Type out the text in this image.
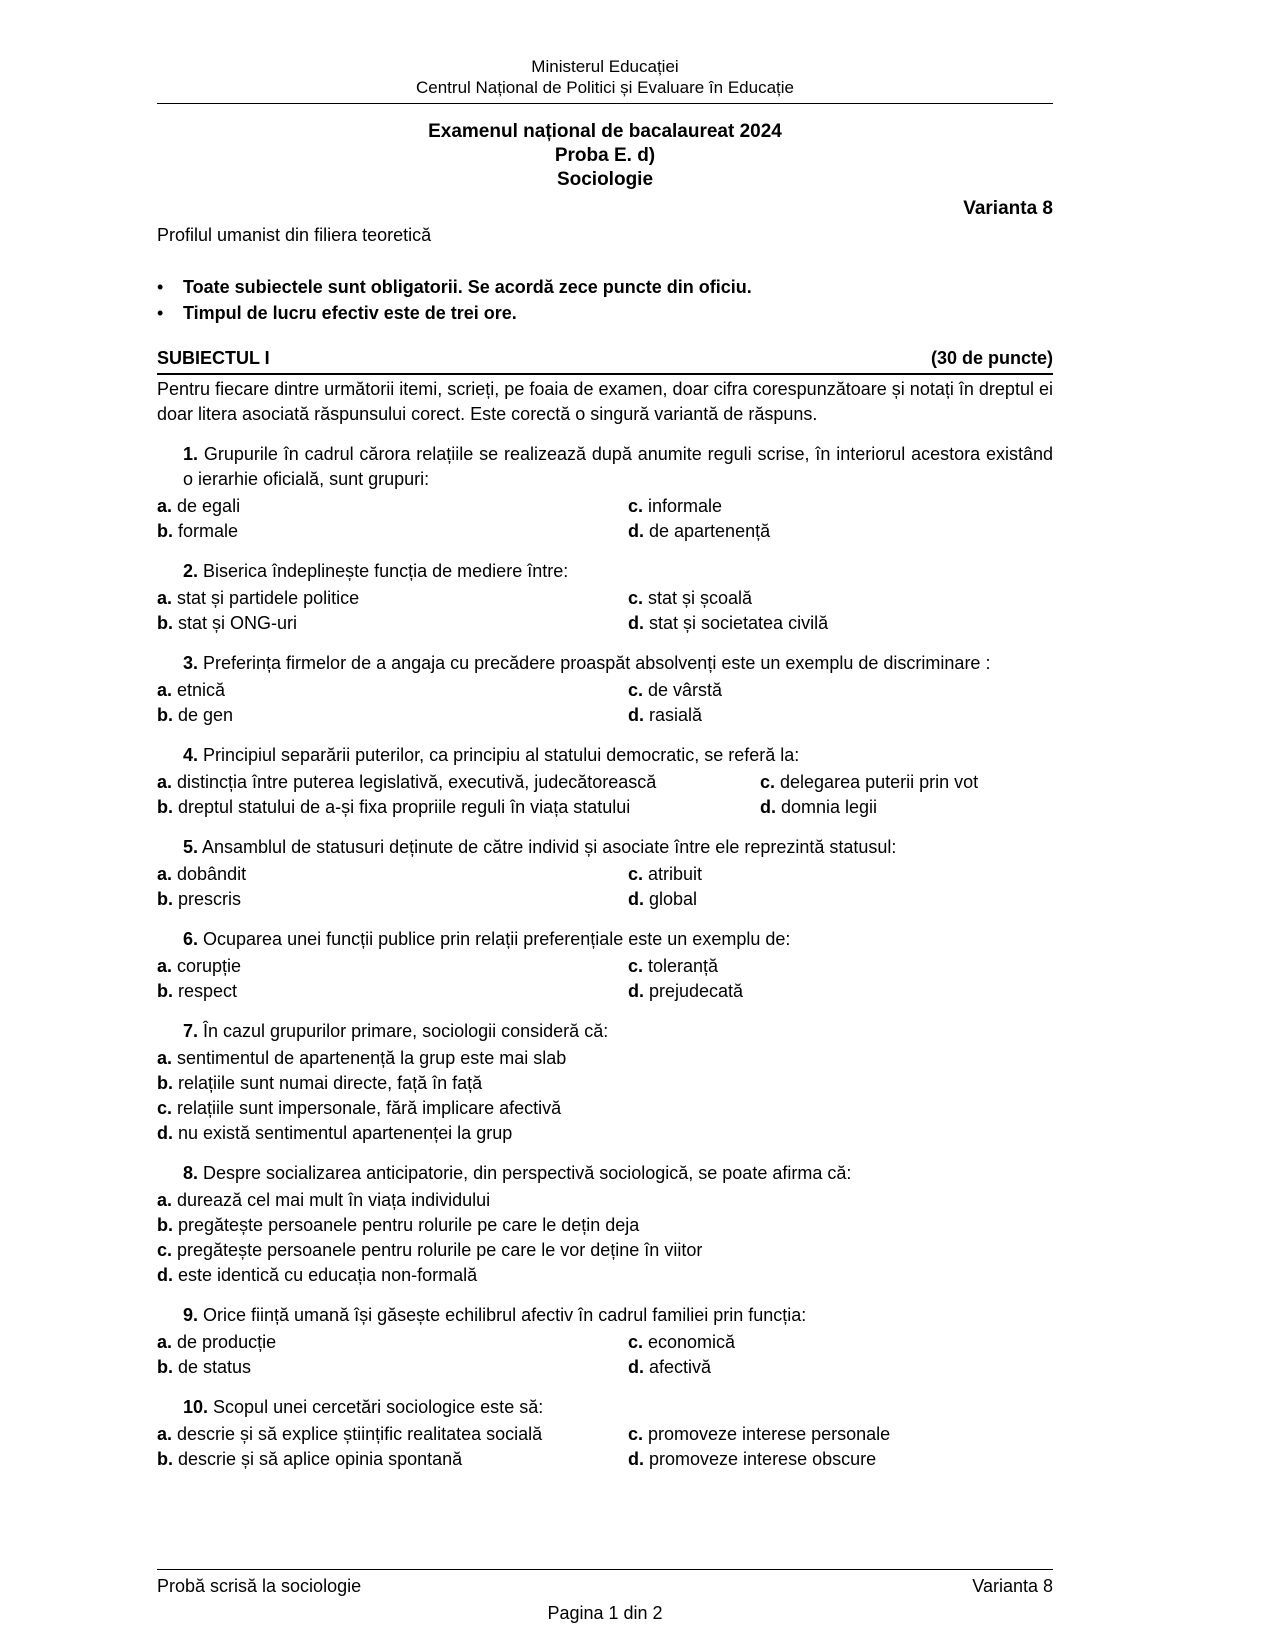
Ministerul Educației
Centrul Național de Politici și Evaluare în Educație
Examenul național de bacalaureat 2024
Proba E. d)
Sociologie
Varianta 8
Profilul umanist din filiera teoretică
•	Toate subiectele sunt obligatorii. Se acordă zece puncte din oficiu.
•	Timpul de lucru efectiv este de trei ore.
SUBIECTUL I	(30 de puncte)

Pentru fiecare dintre următorii itemi, scrieți, pe foaia de examen, doar cifra corespunzătoare și notați în dreptul ei doar litera asociată răspunsului corect. Este corectă o singură variantă de răspuns.

1. Grupurile în cadrul cărora relațiile se realizează după anumite reguli scrise, în interiorul acestora existând o ierarhie oficială, sunt grupuri:

a. de egali	c. informale
b. formale	d. de apartenență

2. Biserica îndeplinește funcția de mediere între:

a. stat și partidele politice	c. stat și școală
b. stat și ONG-uri	d. stat și societatea civilă

3. Preferința firmelor de a angaja cu precădere proaspăt absolvenți este un exemplu de discriminare :

a. etnică	c. de vârstă
b. de gen	d. rasială

4. Principiul separării puterilor, ca principiu al statului democratic, se referă la:

a. distincția între puterea legislativă, executivă, judecătorească	c. delegarea puterii prin vot
b. dreptul statului de a-și fixa propriile reguli în viața statului	d. domnia legii

5. Ansamblul de statusuri deținute de către individ și asociate între ele reprezintă statusul:

a. dobândit	c. atribuit
b. prescris	d. global

6. Ocuparea unei funcții publice prin relații preferențiale este un exemplu de:

a. corupție	c. toleranță
b. respect	d. prejudecată

7. În cazul grupurilor primare, sociologii consideră că:

a. sentimentul de apartenență la grup este mai slab
b. relațiile sunt numai directe, față în față
c. relațiile sunt impersonale, fără implicare afectivă
d. nu există sentimentul apartenenței la grup

8. Despre socializarea anticipatorie, din perspectivă sociologică, se poate afirma că:

a. durează cel mai mult în viața individului
b. pregătește persoanele pentru rolurile pe care le dețin deja
c. pregătește persoanele pentru rolurile pe care le vor deține în viitor
d. este identică cu educația non-formală

9. Orice ființă umană își găsește echilibrul afectiv în cadrul familiei prin funcția:

a. de producție	c. economică
b. de status	d. afectivă

10. Scopul unei cercetări sociologice este să:

a. descrie și să explice științific realitatea socială	c. promoveze interese personale
b. descrie și să aplice opinia spontană	d. promoveze interese obscure
Probă scrisă la sociologie	Varianta 8
Pagina 1 din 2
